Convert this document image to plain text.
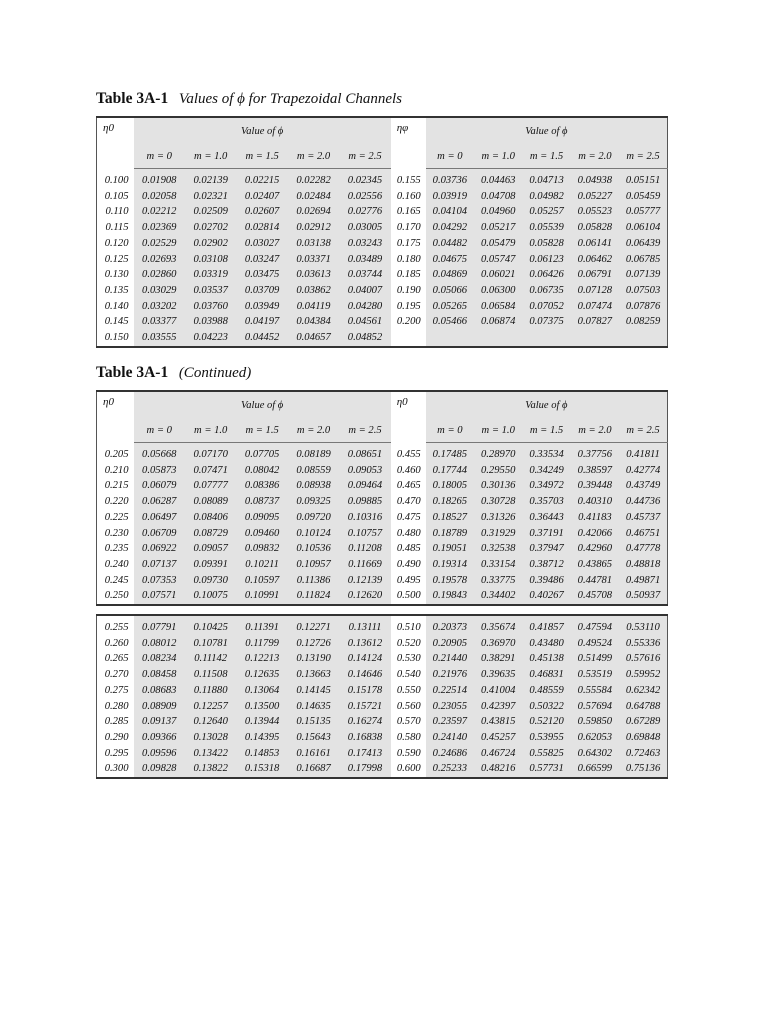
Table 3A-1 Values of ϕ for Trapezoidal Channels
η0	Value of ϕ					ηφ	Value of ϕ				
	m = 0	m = 1.0	m = 1.5	m = 2.0	m = 2.5		m = 0	m = 1.0	m = 1.5	m = 2.0	m = 2.5
0.100	0.01908	0.02139	0.02215	0.02282	0.02345	0.155	0.03736	0.04463	0.04713	0.04938	0.05151
0.105	0.02058	0.02321	0.02407	0.02484	0.02556	0.160	0.03919	0.04708	0.04982	0.05227	0.05459
0.110	0.02212	0.02509	0.02607	0.02694	0.02776	0.165	0.04104	0.04960	0.05257	0.05523	0.05777
0.115	0.02369	0.02702	0.02814	0.02912	0.03005	0.170	0.04292	0.05217	0.05539	0.05828	0.06104
0.120	0.02529	0.02902	0.03027	0.03138	0.03243	0.175	0.04482	0.05479	0.05828	0.06141	0.06439
0.125	0.02693	0.03108	0.03247	0.03371	0.03489	0.180	0.04675	0.05747	0.06123	0.06462	0.06785
0.130	0.02860	0.03319	0.03475	0.03613	0.03744	0.185	0.04869	0.06021	0.06426	0.06791	0.07139
0.135	0.03029	0.03537	0.03709	0.03862	0.04007	0.190	0.05066	0.06300	0.06735	0.07128	0.07503
0.140	0.03202	0.03760	0.03949	0.04119	0.04280	0.195	0.05265	0.06584	0.07052	0.07474	0.07876
0.145	0.03377	0.03988	0.04197	0.04384	0.04561	0.200	0.05466	0.06874	0.07375	0.07827	0.08259
0.150	0.03555	0.04223	0.04452	0.04657	0.04852						
Table 3A-1 (Continued)
η0	Value of ϕ					η0	Value of ϕ				
	m = 0	m = 1.0	m = 1.5	m = 2.0	m = 2.5		m = 0	m = 1.0	m = 1.5	m = 2.0	m = 2.5
0.205	0.05668	0.07170	0.07705	0.08189	0.08651	0.455	0.17485	0.28970	0.33534	0.37756	0.41811
0.210	0.05873	0.07471	0.08042	0.08559	0.09053	0.460	0.17744	0.29550	0.34249	0.38597	0.42774
0.215	0.06079	0.07777	0.08386	0.08938	0.09464	0.465	0.18005	0.30136	0.34972	0.39448	0.43749
0.220	0.06287	0.08089	0.08737	0.09325	0.09885	0.470	0.18265	0.30728	0.35703	0.40310	0.44736
0.225	0.06497	0.08406	0.09095	0.09720	0.10316	0.475	0.18527	0.31326	0.36443	0.41183	0.45737
0.230	0.06709	0.08729	0.09460	0.10124	0.10757	0.480	0.18789	0.31929	0.37191	0.42066	0.46751
0.235	0.06922	0.09057	0.09832	0.10536	0.11208	0.485	0.19051	0.32538	0.37947	0.42960	0.47778
0.240	0.07137	0.09391	0.10211	0.10957	0.11669	0.490	0.19314	0.33154	0.38712	0.43865	0.48818
0.245	0.07353	0.09730	0.10597	0.11386	0.12139	0.495	0.19578	0.33775	0.39486	0.44781	0.49871
0.250	0.07571	0.10075	0.10991	0.11824	0.12620	0.500	0.19843	0.34402	0.40267	0.45708	0.50937
0.255	0.07791	0.10425	0.11391	0.12271	0.13111	0.510	0.20373	0.35674	0.41857	0.47594	0.53110
0.260	0.08012	0.10781	0.11799	0.12726	0.13612	0.520	0.20905	0.36970	0.43480	0.49524	0.55336
0.265	0.08234	0.11142	0.12213	0.13190	0.14124	0.530	0.21440	0.38291	0.45138	0.51499	0.57616
0.270	0.08458	0.11508	0.12635	0.13663	0.14646	0.540	0.21976	0.39635	0.46831	0.53519	0.59952
0.275	0.08683	0.11880	0.13064	0.14145	0.15178	0.550	0.22514	0.41004	0.48559	0.55584	0.62342
0.280	0.08909	0.12257	0.13500	0.14635	0.15721	0.560	0.23055	0.42397	0.50322	0.57694	0.64788
0.285	0.09137	0.12640	0.13944	0.15135	0.16274	0.570	0.23597	0.43815	0.52120	0.59850	0.67289
0.290	0.09366	0.13028	0.14395	0.15643	0.16838	0.580	0.24140	0.45257	0.53955	0.62053	0.69848
0.295	0.09596	0.13422	0.14853	0.16161	0.17413	0.590	0.24686	0.46724	0.55825	0.64302	0.72463
0.300	0.09828	0.13822	0.15318	0.16687	0.17998	0.600	0.25233	0.48216	0.57731	0.66599	0.75136
